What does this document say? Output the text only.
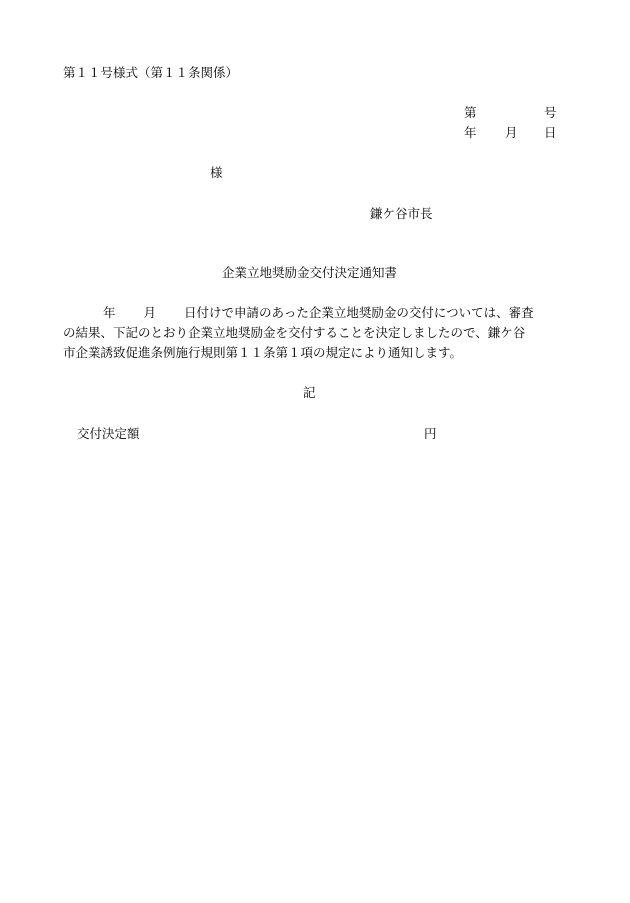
第１１号様式（第１１条関係）
第	号
年 月 日
様
鎌ケ谷市長
企業立地奨励金交付決定通知書
年 月 日付けで申請のあった企業立地奨励金の交付については、審査
の結果、下記のとおり企業立地奨励金を交付することを決定しましたので、鎌ケ谷
市企業誘致促進条例施行規則第１１条第１項の規定により通知します。
記
交付決定額	円
